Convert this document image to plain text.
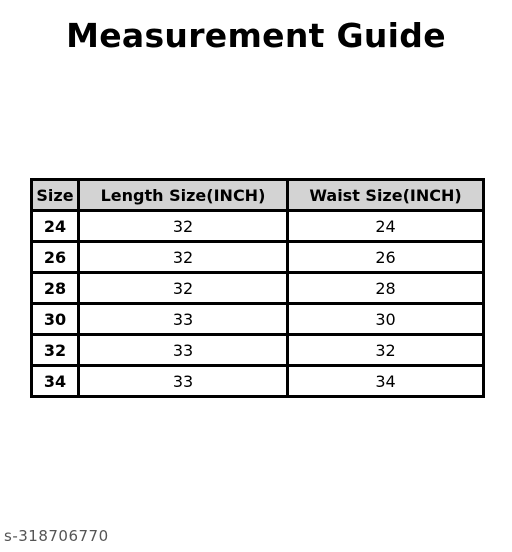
Measurement Guide
Size	Length Size(INCH)	Waist Size(INCH)
24	32	24
26	32	26
28	32	28
30	33	30
32	33	32
34	33	34
s-318706770
